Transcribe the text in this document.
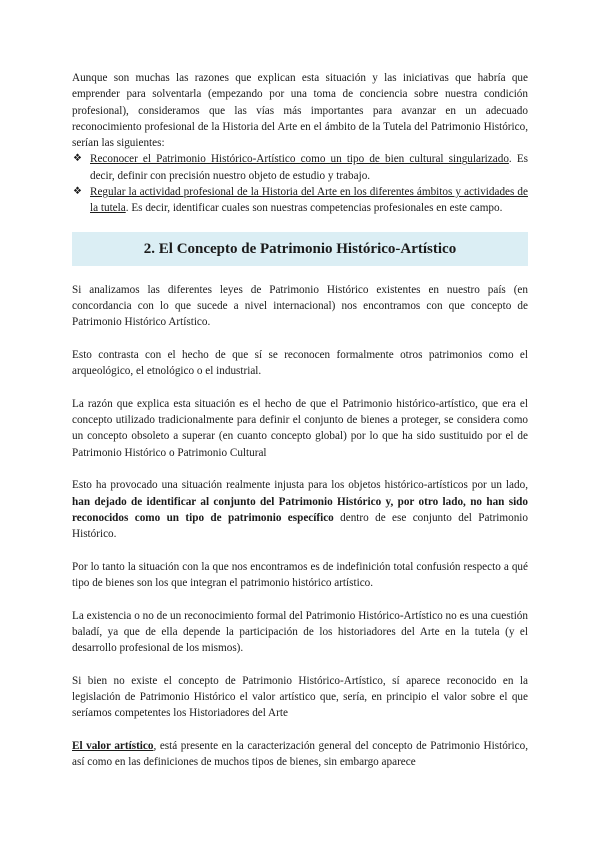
Aunque son muchas las razones que explican esta situación y las iniciativas que habría que emprender para solventarla (empezando por una toma de conciencia sobre nuestra condición profesional), consideramos que las vías más importantes para avanzar en un adecuado reconocimiento profesional de la Historia del Arte en el ámbito de la Tutela del Patrimonio Histórico, serían las siguientes:

❖ Reconocer el Patrimonio Histórico-Artístico como un tipo de bien cultural singularizado. Es decir, definir con precisión nuestro objeto de estudio y trabajo.
❖ Regular la actividad profesional de la Historia del Arte en los diferentes ámbitos y actividades de la tutela. Es decir, identificar cuales son nuestras competencias profesionales en este campo.
2. El Concepto de Patrimonio Histórico-Artístico

Si analizamos las diferentes leyes de Patrimonio Histórico existentes en nuestro país (en concordancia con lo que sucede a nivel internacional) nos encontramos con que concepto de Patrimonio Histórico Artístico.

Esto contrasta con el hecho de que sí se reconocen formalmente otros patrimonios como el arqueológico, el etnológico o el industrial.

La razón que explica esta situación es el hecho de que el Patrimonio histórico-artístico, que era el concepto utilizado tradicionalmente para definir el conjunto de bienes a proteger, se considera como un concepto obsoleto a superar (en cuanto concepto global) por lo que ha sido sustituido por el de Patrimonio Histórico o Patrimonio Cultural

Esto ha provocado una situación realmente injusta para los objetos histórico-artísticos por un lado, han dejado de identificar al conjunto del Patrimonio Histórico y, por otro lado, no han sido reconocidos como un tipo de patrimonio específico dentro de ese conjunto del Patrimonio Histórico.

Por lo tanto la situación con la que nos encontramos es de indefinición total confusión respecto a qué tipo de bienes son los que integran el patrimonio histórico artístico.

La existencia o no de un reconocimiento formal del Patrimonio Histórico-Artístico no es una cuestión baladí, ya que de ella depende la participación de los historiadores del Arte en la tutela (y el desarrollo profesional de los mismos).

Si bien no existe el concepto de Patrimonio Histórico-Artístico, sí aparece reconocido en la legislación de Patrimonio Histórico el valor artístico que, sería, en principio el valor sobre el que seríamos competentes los Historiadores del Arte

El valor artístico, está presente en la caracterización general del concepto de Patrimonio Histórico, así como en las definiciones de muchos tipos de bienes, sin embargo aparece
